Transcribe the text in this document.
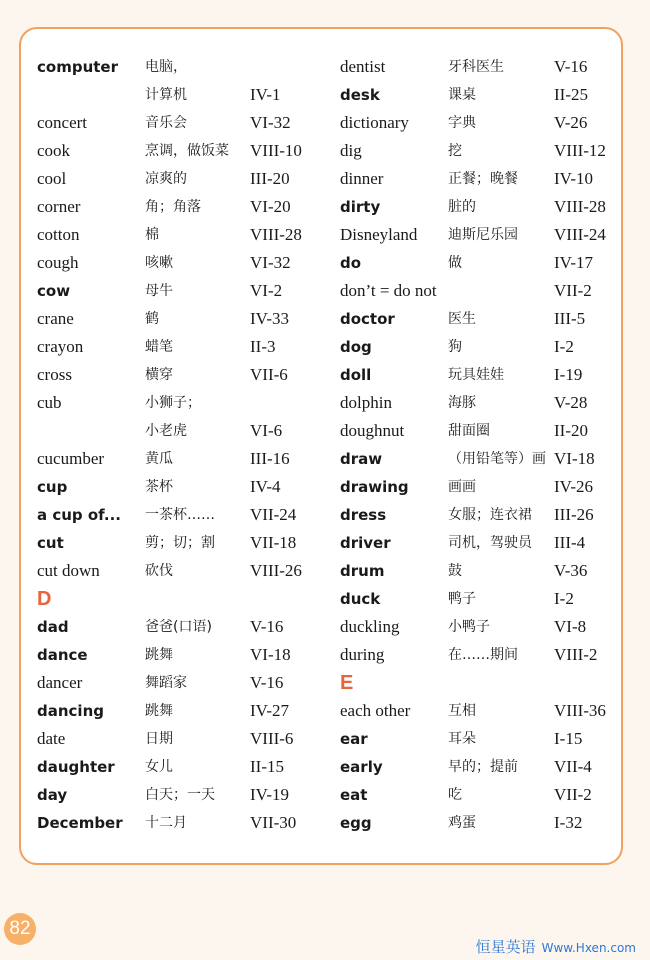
computer 电脑，
计算机	IV-1
concert	音乐会	VI-32
cook	烹调，做饭菜 VIII-10
cool	凉爽的	III-20
corner	角；角落	VI-20
cotton	棉	VIII-28
cough	咳嗽	VI-32
cow	母牛	VI-2
crane	鹤	IV-33
crayon	蜡笔	II-3
cross	横穿	VII-6
cub	小狮子；
小老虎	VI-6
cucumber	黄瓜	III-16
cup	茶杯	IV-4
a cup of... 一茶杯…… VII-24
cut	剪；切；割 VII-18
cut down	砍伐	VIII-26
D
dad	爸爸(口语) V-16
dance	跳舞	VI-18
dancer	舞蹈家	V-16
dancing	跳舞	IV-27
date	日期	VIII-6
daughter 女儿	II-15
day	白天；一天 IV-19
December 十二月	VII-30
dentist	牙科医生	V-16
desk	课桌	II-25
dictionary	字典	V-26
dig	挖	VIII-12
dinner	正餐；晚餐 IV-10
dirty	脏的	VIII-28
Disneyland 迪斯尼乐园 VIII-24
do	做	IV-17
don’t = do not	VII-2
doctor	医生	III-5
dog	狗	I-2
doll	玩具娃娃	I-19
dolphin	海豚	V-28
doughnut	甜面圈	II-20
draw	（用铅笔等）画 VI-18
drawing	画画	IV-26
dress	女服；连衣裙 III-26
driver	司机，驾驶员 III-4
drum	鼓	V-36
duck	鸭子	I-2
duckling	小鸭子	VI-8
during	在……期间 VIII-2
E
each other	互相	VIII-36
ear	耳朵	I-15
early	早的；提前 VII-4
eat	吃	VII-2
egg	鸡蛋	I-32
82
恒星英语 Www.Hxen.com
